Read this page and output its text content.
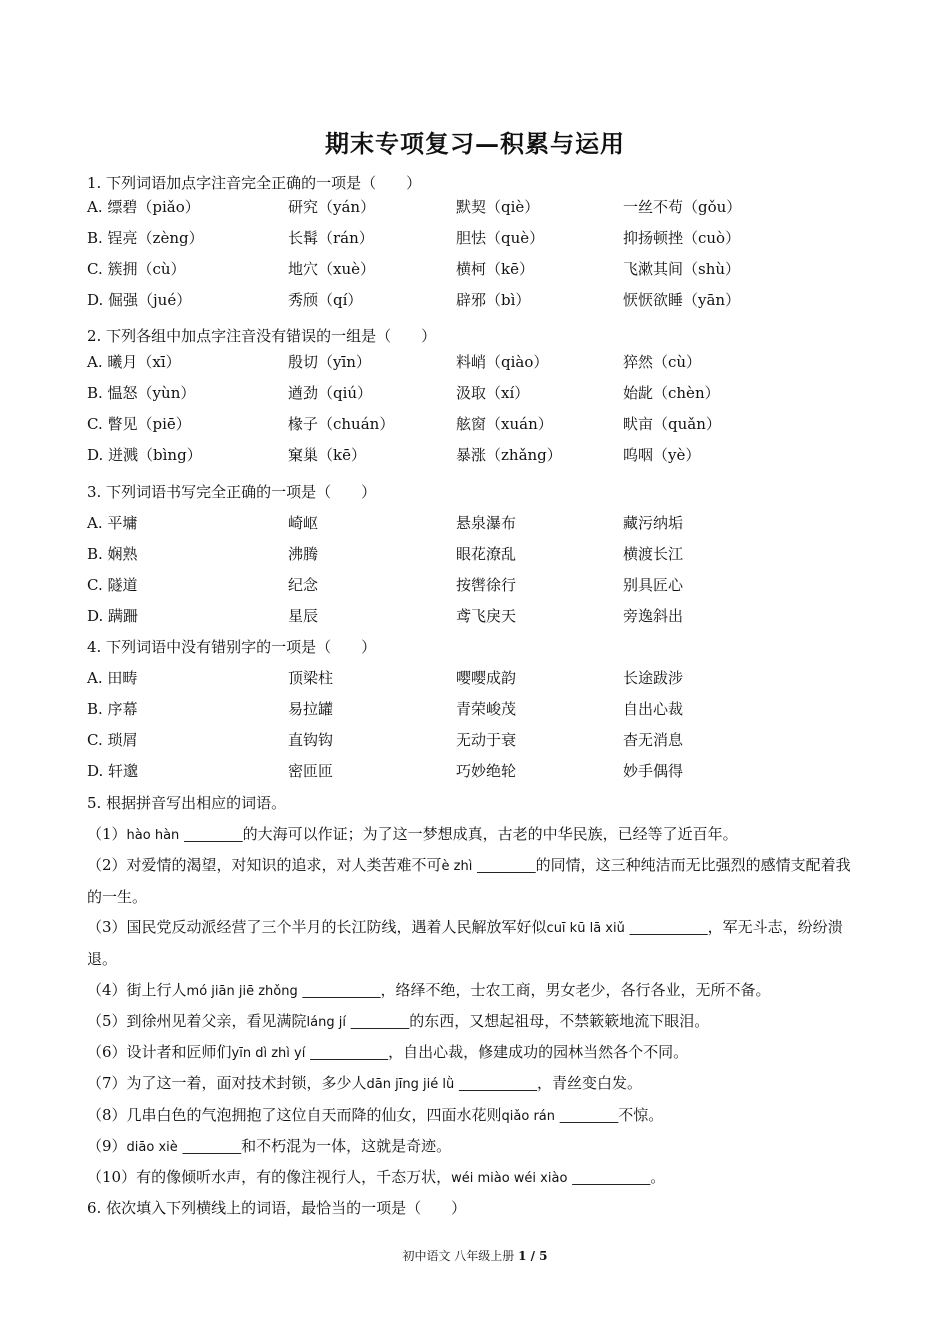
期末专项复习—积累与运用
1. 下列词语加点字注音完全正确的一项是（　　）
A. 缥碧（piǎo）	研究（yán）	默契（qiè）	一丝不苟（gǒu）
B. 锃亮（zèng）	长髯（rán）	胆怯（què）	抑扬顿挫（cuò）
C. 簇拥（cù）	地穴（xuè）	横柯（kē）	飞漱其间（shù）
D. 倔强（jué）	秀颀（qí）	辟邪（bì）	恹恹欲睡（yān）
2. 下列各组中加点字注音没有错误的一组是（　　）
A. 曦月（xī）	殷切（yīn）	料峭（qiào）	猝然（cù）
B. 愠怒（yùn）	遒劲（qiú）	汲取（xí）	始龀（chèn）
C. 瞥见（piē）	椽子（chuán）	舷窗（xuán）	畎亩（quǎn）
D. 迸溅（bìng）	窠巢（kē）	暴涨（zhǎng）	呜咽（yè）
3. 下列词语书写完全正确的一项是（　　）
A. 平墉	崎岖	悬泉瀑布	藏污纳垢
B. 娴熟	沸腾	眼花潦乱	横渡长江
C. 隧道	纪念	按辔徐行	别具匠心
D. 蹒跚	星辰	鸢飞戾天	旁逸斜出
4. 下列词语中没有错别字的一项是（　　）
A. 田畴	顶梁柱	嘤嘤成韵	长途跋涉
B. 序幕	易拉罐	青荣峻茂	自出心裁
C. 琐屑	直钩钩	无动于衰	杳无消息
D. 轩邈	密匝匝	巧妙绝轮	妙手偶得
5. 根据拼音写出相应的词语。
（1）hào hàn _________的大海可以作证；为了这一梦想成真，古老的中华民族，已经等了近百年。
（2）对爱情的渴望，对知识的追求，对人类苦难不可è zhì _________的同情，这三种纯洁而无比强烈的感情支配着我的一生。
（3）国民党反动派经营了三个半月的长江防线，遇着人民解放军好似cuī kū lā xiǔ ____________，军无斗志，纷纷溃退。
（4）街上行人mó jiān jiē zhǒng ____________，络绎不绝，士农工商，男女老少，各行各业，无所不备。
（5）到徐州见着父亲，看见满院láng jí _________的东西，又想起祖母，不禁簌簌地流下眼泪。
（6）设计者和匠师们yīn dì zhì yí ____________，自出心裁，修建成功的园林当然各个不同。
（7）为了这一着，面对技术封锁，多少人dān jīng jié lǜ ____________，青丝变白发。
（8）几串白色的气泡拥抱了这位自天而降的仙女，四面水花则qiǎo rán _________不惊。
（9）diāo xiè _________和不朽混为一体，这就是奇迹。
（10）有的像倾听水声，有的像注视行人，千态万状，wéi miào wéi xiào ____________。
6. 依次填入下列横线上的词语，最恰当的一项是（　　）
初中语文 八年级上册 1 / 5
